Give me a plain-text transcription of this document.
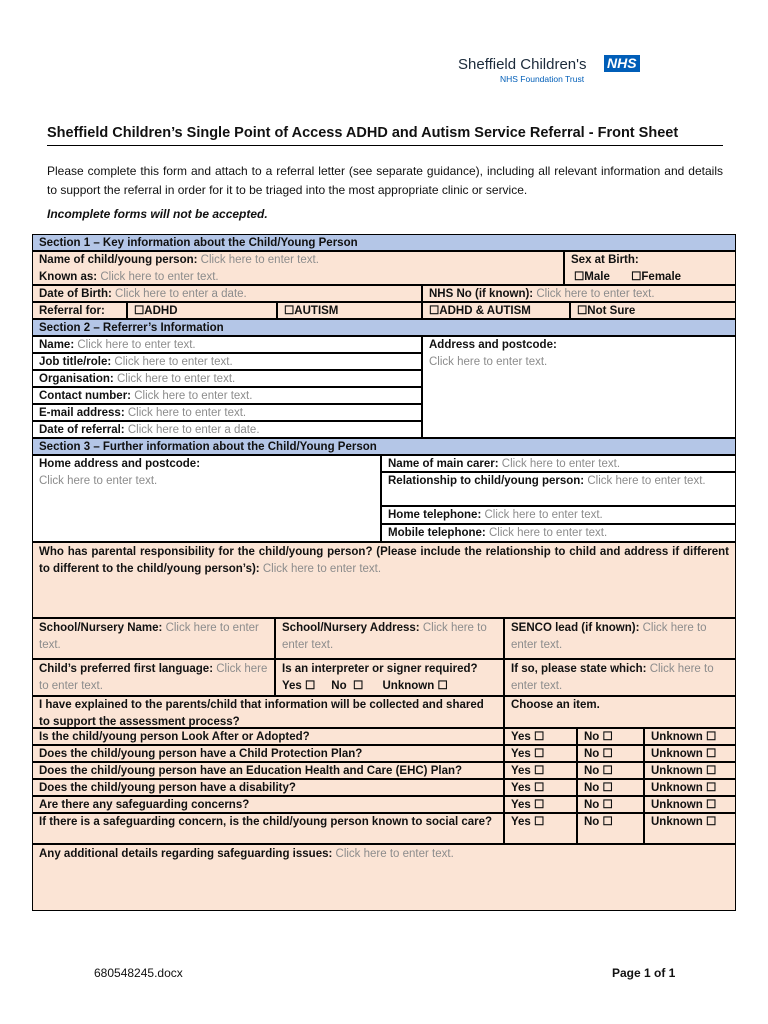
Sheffield Children's NHS
NHS Foundation Trust
Sheffield Children’s Single Point of Access ADHD and Autism Service Referral - Front Sheet
Please complete this form and attach to a referral letter (see separate guidance), including all relevant information and details to support the referral in order for it to be triaged into the most appropriate clinic or service.
Incomplete forms will not be accepted.
Section 1 – Key information about the Child/Young Person
Name of child/young person: Click here to enter text.
Known as: Click here to enter text.
Sex at Birth:
☐Male ☐Female
Date of Birth: Click here to enter a date.	NHS No (if known): Click here to enter text.
Referral for:	☐ADHD	☐AUTISM	☐ADHD & AUTISM	☐Not Sure
Section 2 – Referrer’s Information
Name: Click here to enter text.
Job title/role: Click here to enter text.
Organisation: Click here to enter text.
Contact number: Click here to enter text.
E-mail address: Click here to enter text.
Date of referral: Click here to enter a date.
Address and postcode:
Click here to enter text.
Section 3 – Further information about the Child/Young Person
Home address and postcode:
Click here to enter text.
Name of main carer: Click here to enter text.
Relationship to child/young person: Click here to enter text.
Home telephone: Click here to enter text.
Mobile telephone: Click here to enter text.
Who has parental responsibility for the child/young person? (Please include the relationship to child and address if different to different to the child/young person’s): Click here to enter text.
School/Nursery Name: Click here to enter text.
School/Nursery Address: Click here to enter text.
SENCO lead (if known): Click here to enter text.
Child’s preferred first language: Click here to enter text.
Is an interpreter or signer required?
Yes ☐     No  ☐      Unknown ☐
If so, please state which: Click here to enter text.
I have explained to the parents/child that information will be collected and shared to support the assessment process?
Choose an item.
Is the child/young person Look After or Adopted?	Yes ☐	No ☐	Unknown ☐
Does the child/young person have a Child Protection Plan?	Yes ☐	No ☐	Unknown ☐
Does the child/young person have an Education Health and Care (EHC) Plan?	Yes ☐	No ☐	Unknown ☐
Does the child/young person have a disability?	Yes ☐	No ☐	Unknown ☐
Are there any safeguarding concerns?	Yes ☐	No ☐	Unknown ☐
If there is a safeguarding concern, is the child/young person known to social care?	Yes ☐	No ☐	Unknown ☐
Any additional details regarding safeguarding issues: Click here to enter text.
680548245.docx	Page 1 of 1
